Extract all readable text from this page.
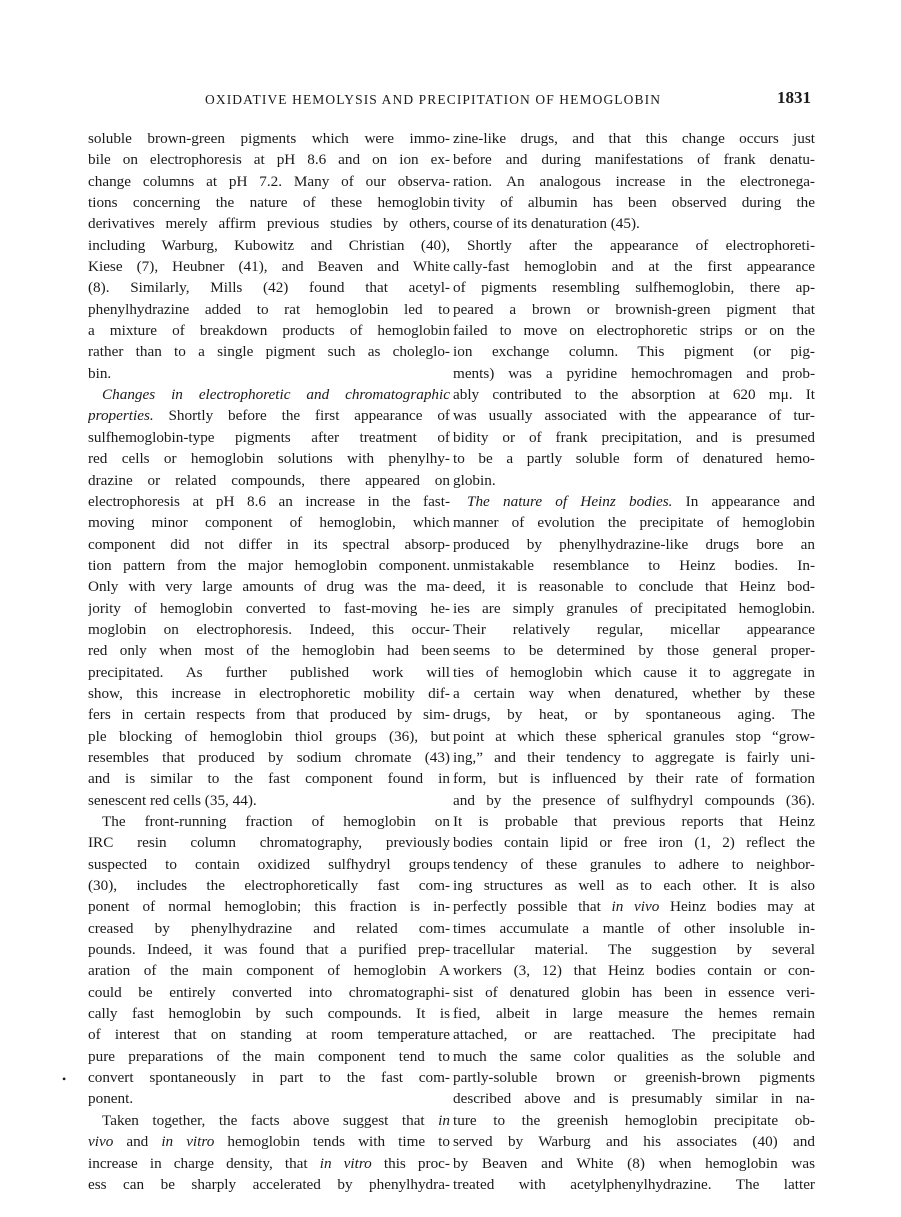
OXIDATIVE HEMOLYSIS AND PRECIPITATION OF HEMOGLOBIN	1831
•
soluble brown-green pigments which were immo-
bile on electrophoresis at pH 8.6 and on ion ex-
change columns at pH 7.2. Many of our observa-
tions concerning the nature of these hemoglobin
derivatives merely affirm previous studies by others,
including Warburg, Kubowitz and Christian (40),
Kiese (7), Heubner (41), and Beaven and White
(8). Similarly, Mills (42) found that acetyl-
phenylhydrazine added to rat hemoglobin led to
a mixture of breakdown products of hemoglobin
rather than to a single pigment such as choleglo-
bin.
Changes in electrophoretic and chromatographic
properties. Shortly before the first appearance of
sulfhemoglobin-type pigments after treatment of
red cells or hemoglobin solutions with phenylhy-
drazine or related compounds, there appeared on
electrophoresis at pH 8.6 an increase in the fast-
moving minor component of hemoglobin, which
component did not differ in its spectral absorp-
tion pattern from the major hemoglobin component.
Only with very large amounts of drug was the ma-
jority of hemoglobin converted to fast-moving he-
moglobin on electrophoresis. Indeed, this occur-
red only when most of the hemoglobin had been
precipitated. As further published work will
show, this increase in electrophoretic mobility dif-
fers in certain respects from that produced by sim-
ple blocking of hemoglobin thiol groups (36), but
resembles that produced by sodium chromate (43)
and is similar to the fast component found in
senescent red cells (35, 44).
The front-running fraction of hemoglobin on
IRC resin column chromatography, previously
suspected to contain oxidized sulfhydryl groups
(30), includes the electrophoretically fast com-
ponent of normal hemoglobin; this fraction is in-
creased by phenylhydrazine and related com-
pounds. Indeed, it was found that a purified prep-
aration of the main component of hemoglobin A
could be entirely converted into chromatographi-
cally fast hemoglobin by such compounds. It is
of interest that on standing at room temperature
pure preparations of the main component tend to
convert spontaneously in part to the fast com-
ponent.
Taken together, the facts above suggest that in
vivo and in vitro hemoglobin tends with time to
increase in charge density, that in vitro this proc-
ess can be sharply accelerated by phenylhydra-
zine-like drugs, and that this change occurs just
before and during manifestations of frank denatu-
ration. An analogous increase in the electronega-
tivity of albumin has been observed during the
course of its denaturation (45).
Shortly after the appearance of electrophoreti-
cally-fast hemoglobin and at the first appearance
of pigments resembling sulfhemoglobin, there ap-
peared a brown or brownish-green pigment that
failed to move on electrophoretic strips or on the
ion exchange column. This pigment (or pig-
ments) was a pyridine hemochromagen and prob-
ably contributed to the absorption at 620 mμ. It
was usually associated with the appearance of tur-
bidity or of frank precipitation, and is presumed
to be a partly soluble form of denatured hemo-
globin.
The nature of Heinz bodies. In appearance and
manner of evolution the precipitate of hemoglobin
produced by phenylhydrazine-like drugs bore an
unmistakable resemblance to Heinz bodies. In-
deed, it is reasonable to conclude that Heinz bod-
ies are simply granules of precipitated hemoglobin.
Their relatively regular, micellar appearance
seems to be determined by those general proper-
ties of hemoglobin which cause it to aggregate in
a certain way when denatured, whether by these
drugs, by heat, or by spontaneous aging. The
point at which these spherical granules stop “grow-
ing,” and their tendency to aggregate is fairly uni-
form, but is influenced by their rate of formation
and by the presence of sulfhydryl compounds (36).
It is probable that previous reports that Heinz
bodies contain lipid or free iron (1, 2) reflect the
tendency of these granules to adhere to neighbor-
ing structures as well as to each other. It is also
perfectly possible that in vivo Heinz bodies may at
times accumulate a mantle of other insoluble in-
tracellular material. The suggestion by several
workers (3, 12) that Heinz bodies contain or con-
sist of denatured globin has been in essence veri-
fied, albeit in large measure the hemes remain
attached, or are reattached. The precipitate had
much the same color qualities as the soluble and
partly-soluble brown or greenish-brown pigments
described above and is presumably similar in na-
ture to the greenish hemoglobin precipitate ob-
served by Warburg and his associates (40) and
by Beaven and White (8) when hemoglobin was
treated with acetylphenylhydrazine. The latter
